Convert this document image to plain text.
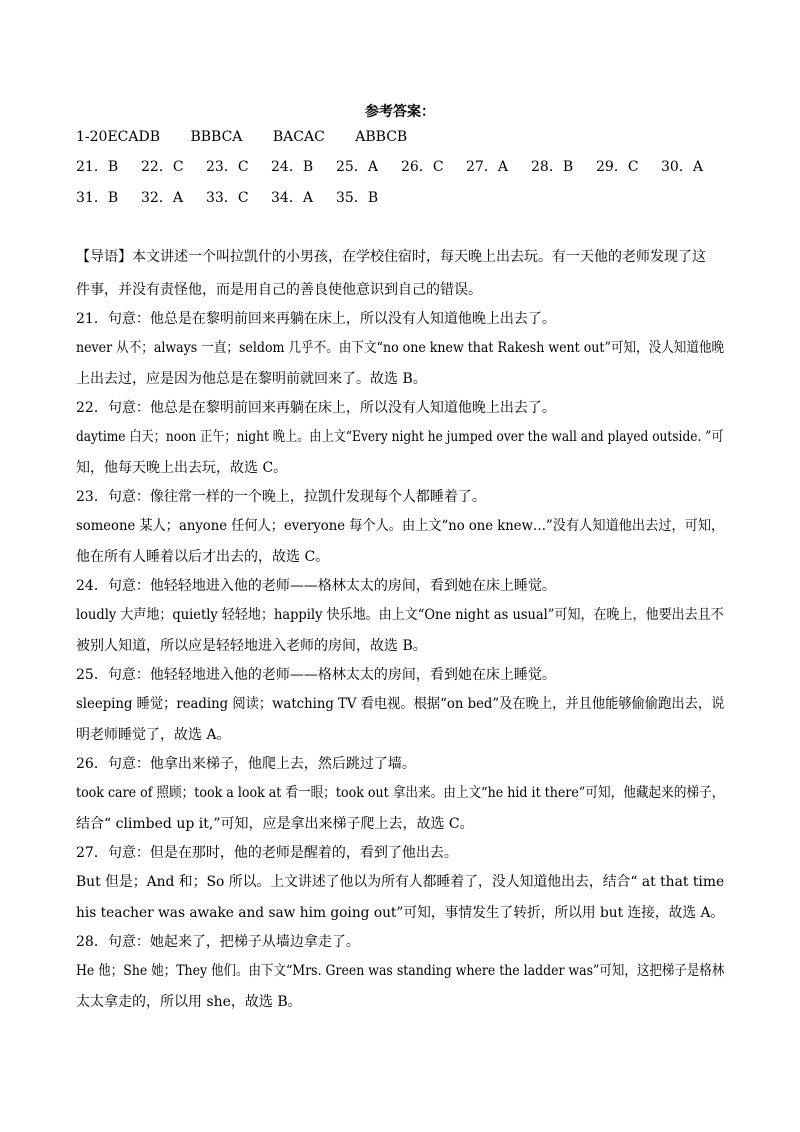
参考答案：
1-20ECADB BBBCA BACAC ABBCB
21．B 22．C 23．C 24．B 25．A 26．C 27．A 28．B 29．C 30．A
31．B 32．A 33．C 34．A 35．B
【导语】本文讲述一个叫拉凯什的小男孩，在学校住宿时，每天晚上出去玩。有一天他的老师发现了这
件事，并没有责怪他，而是用自己的善良使他意识到自己的错误。
21．句意：他总是在黎明前回来再躺在床上，所以没有人知道他晚上出去了。
never 从不；always 一直；seldom 几乎不。由下文“no one knew that Rakesh went out”可知，没人知道他晚
上出去过，应是因为他总是在黎明前就回来了。故选 B。
22．句意：他总是在黎明前回来再躺在床上，所以没有人知道他晚上出去了。
daytime 白天；noon 正午；night 晚上。由上文“Every night he jumped over the wall and played outside. ”可
知，他每天晚上出去玩，故选 C。
23．句意：像往常一样的一个晚上，拉凯什发现每个人都睡着了。
someone 某人；anyone 任何人；everyone 每个人。由上文“no one knew…”没有人知道他出去过，可知，
他在所有人睡着以后才出去的，故选 C。
24．句意：他轻轻地进入他的老师——格林太太的房间，看到她在床上睡觉。
loudly 大声地；quietly 轻轻地；happily 快乐地。由上文“One night as usual”可知，在晚上，他要出去且不
被别人知道，所以应是轻轻地进入老师的房间，故选 B。
25．句意：他轻轻地进入他的老师——格林太太的房间，看到她在床上睡觉。
sleeping 睡觉；reading 阅读；watching TV 看电视。根据“on bed”及在晚上，并且他能够偷偷跑出去，说
明老师睡觉了，故选 A。
26．句意：他拿出来梯子，他爬上去，然后跳过了墙。
took care of 照顾；took a look at 看一眼；took out 拿出来。由上文“he hid it there”可知，他藏起来的梯子，
结合“ climbed up it,”可知，应是拿出来梯子爬上去，故选 C。
27．句意：但是在那时，他的老师是醒着的，看到了他出去。
But 但是；And 和；So 所以。上文讲述了他以为所有人都睡着了，没人知道他出去，结合“ at that time
his teacher was awake and saw him going out”可知，事情发生了转折，所以用 but 连接，故选 A。
28．句意：她起来了，把梯子从墙边拿走了。
He 他；She 她；They 他们。由下文“Mrs. Green was standing where the ladder was”可知，这把梯子是格林
太太拿走的，所以用 she，故选 B。
